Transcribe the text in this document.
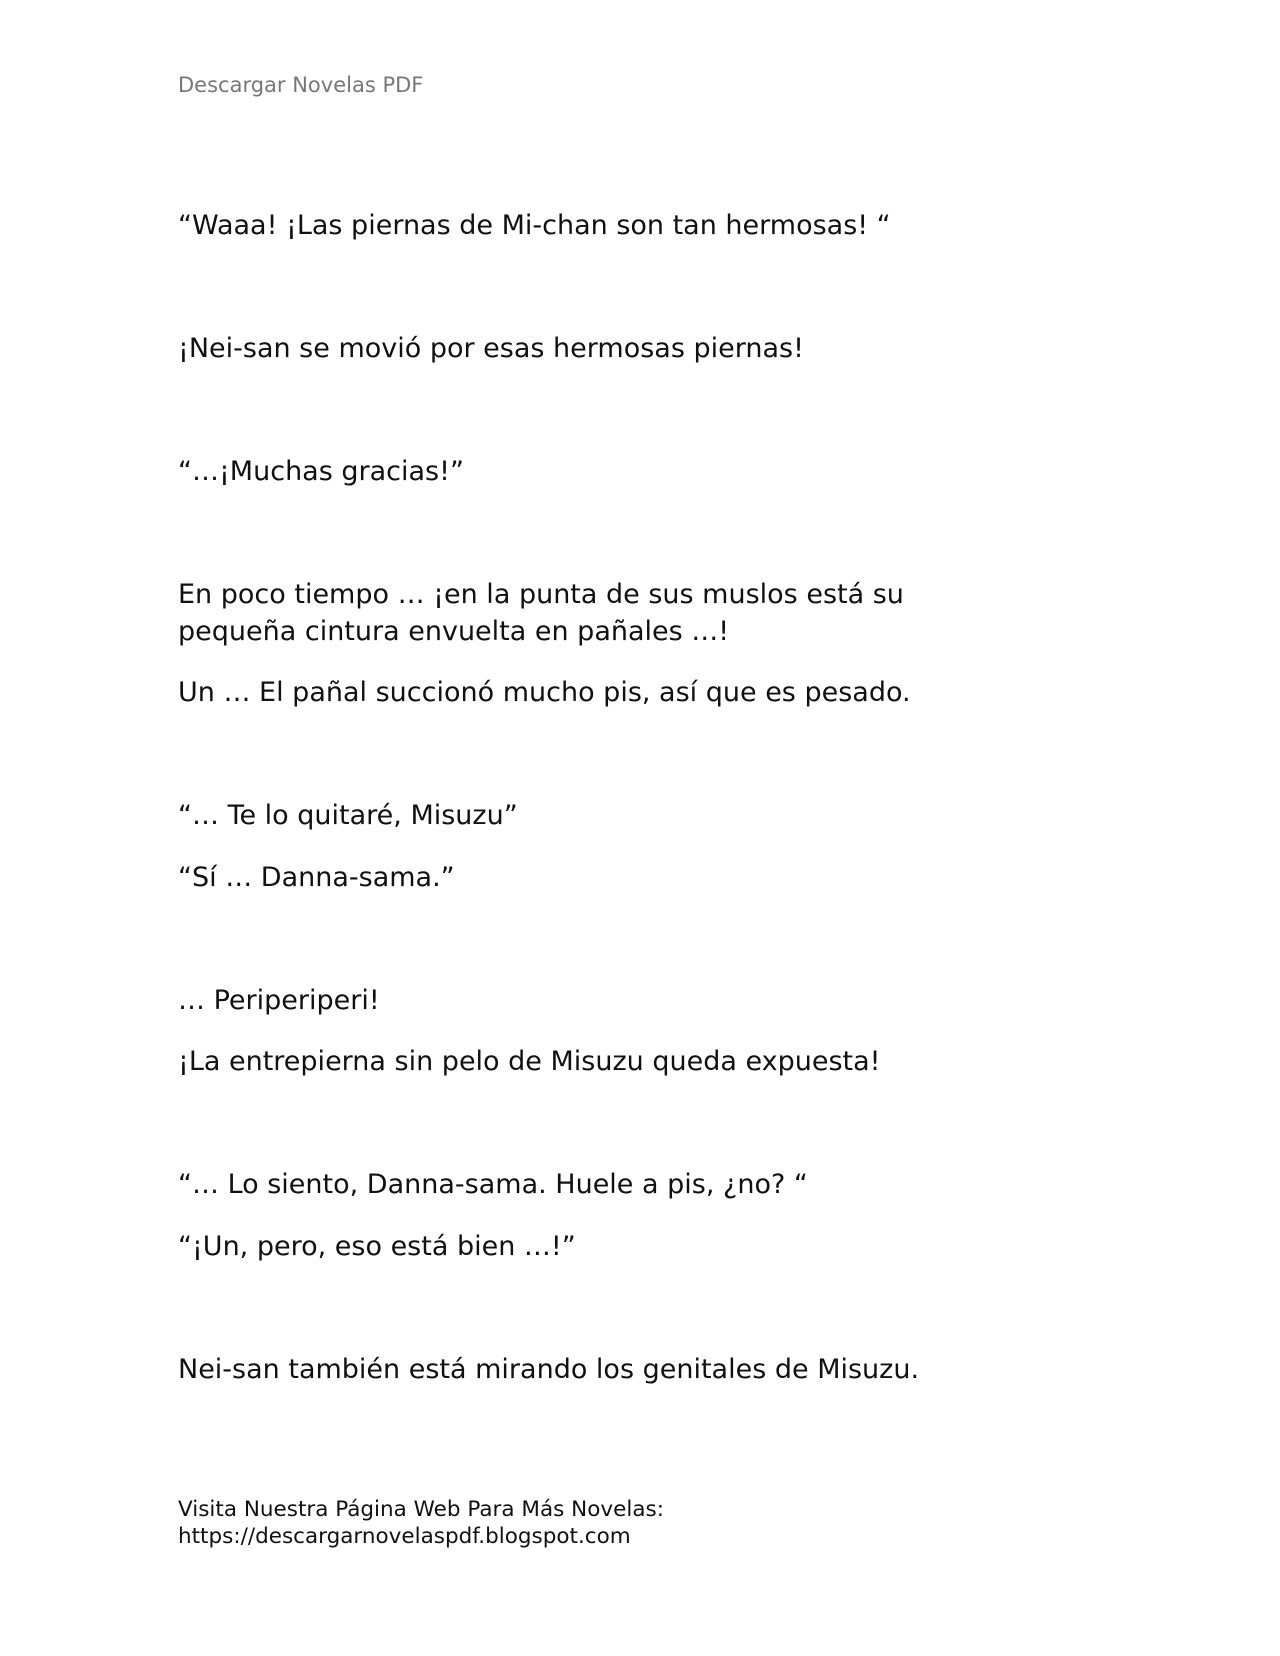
Descargar Novelas PDF
“Waaa! ¡Las piernas de Mi-chan son tan hermosas! “
¡Nei-san se movió por esas hermosas piernas!
“…¡Muchas gracias!”
En poco tiempo … ¡en la punta de sus muslos está su
pequeña cintura envuelta en pañales …!
Un … El pañal succionó mucho pis, así que es pesado.
“… Te lo quitaré, Misuzu”
“Sí … Danna-sama.”
… Periperiperi!
¡La entrepierna sin pelo de Misuzu queda expuesta!
“… Lo siento, Danna-sama. Huele a pis, ¿no? “
“¡Un, pero, eso está bien …!”
Nei-san también está mirando los genitales de Misuzu.
Visita Nuestra Página Web Para Más Novelas:
https://descargarnovelaspdf.blogspot.com
